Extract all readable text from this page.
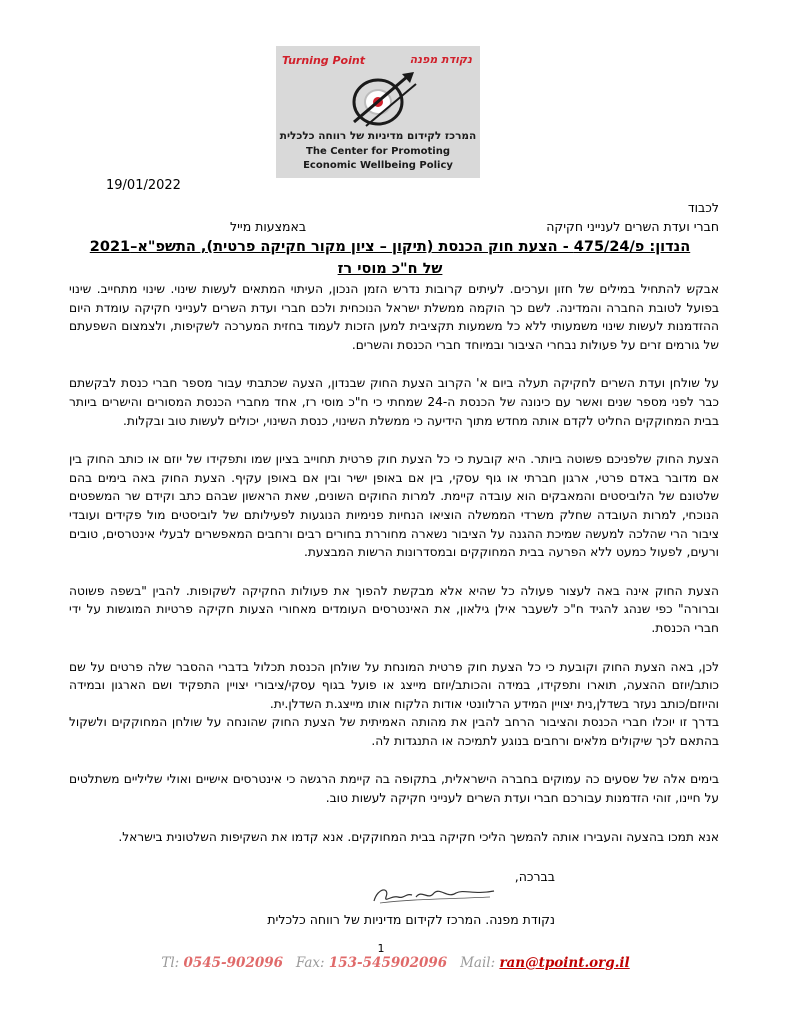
Turning Point	נקודת מפנה
המרכז לקידום מדיניות של רווחה כלכלית
The Center for Promoting
Economic Wellbeing Policy
19/01/2022
לכבוד
חברי ועדת השרים לענייני חקיקה
באמצעות מייל
הנדון: פ/475/24 - הצעת חוק הכנסת (תיקון – ציון מקור חקיקה פרטית), התשפ"א–2021
של ח"כ מוסי רז

אבקש להתחיל במילים של חזון וערכים. לעיתים קרובות נדרש הזמן הנכון, העיתוי המתאים לעשות שינוי. שינוי מתחייב. שינוי בפועל לטובת החברה והמדינה. לשם כך הוקמה ממשלת ישראל הנוכחית ולכם חברי ועדת השרים לענייני חקיקה עומדת היום ההזדמנות לעשות שינוי משמעותי ללא כל משמעות תקציבית למען הזכות לעמוד בחזית המערכה לשקיפות, ולצמצום השפעתם של גורמים זרים על פעולות נבחרי הציבור ובמיוחד חברי הכנסת והשרים.

על שולחן ועדת השרים לחקיקה תעלה ביום א' הקרוב הצעת החוק שבנדון, הצעה שכתבתי עבור מספר חברי כנסת לבקשתם כבר לפני מספר שנים ואשר עם כינונה של הכנסת ה-24 שמחתי כי ח"כ מוסי רז, אחד מחברי הכנסת המסורים והישרים ביותר בבית המחוקקים החליט לקדם אותה מחדש מתוך הידיעה כי ממשלת השינוי, כנסת השינוי, יכולים לעשות טוב ובקלות.

הצעת החוק שלפניכם פשוטה ביותר. היא קובעת כי כל הצעת חוק פרטית תחוייב בציון שמו ותפקידו של יוזם או כותב החוק בין אם מדובר באדם פרטי, ארגון חברתי או גוף עסקי, בין אם באופן ישיר ובין אם באופן עקיף. הצעת החוק באה בימים בהם שלטונם של הלוביסטים והמאבקים הוא עובדה קיימת. למרות החוקים השונים, שאת הראשון שבהם כתב וקידם שר המשפטים הנוכחי, למרות העובדה שחלק משרדי הממשלה הוציאו הנחיות פנימיות הנוגעות לפעילותם של לוביסטים מול פקידים ועובדי ציבור הרי שהלכה למעשה שמיכת ההגנה על הציבור נשארה מחוררת בחורים רבים ורחבים המאפשרים לבעלי אינטרסים, טובים ורעים, לפעול כמעט ללא הפרעה בבית המחוקקים ובמסדרונות הרשות המבצעת.

הצעת החוק אינה באה לעצור פעולה כל שהיא אלא מבקשת להפוך את פעולות החקיקה לשקופות. להבין "בשפה פשוטה וברורה" כפי שנהג להגיד ח"כ לשעבר אילן גילאון, את האינטרסים העומדים מאחורי הצעות חקיקה פרטיות המוגשות על ידי חברי הכנסת.

לכן, באה הצעת החוק וקובעת כי כל הצעת חוק פרטית המונחת על שולחן הכנסת תכלול בדברי ההסבר שלה פרטים על שם כותב/יוזם ההצעה, תוארו ותפקידו, במידה והכותב/יוזם מייצג או פועל בגוף עסקי/ציבורי יצויין התפקיד ושם הארגון ובמידה והיוזם/כותב נעזר בשדלן,נית יצויין המידע הרלוונטי אודות הלקוח אותו מייצג.ת השדלן.ית.

בדרך זו יוכלו חברי הכנסת והציבור הרחב להבין את מהותה האמיתית של הצעת החוק שהונחה על שולחן המחוקקים ולשקול בהתאם לכך שיקולים מלאים ורחבים בנוגע לתמיכה או התנגדות לה.

בימים אלה של שסעים כה עמוקים בחברה הישראלית, בתקופה בה קיימת הרגשה כי אינטרסים אישיים ואולי שליליים משתלטים על חיינו, זוהי הזדמנות עבורכם חברי ועדת השרים לענייני חקיקה לעשות טוב.

אנא תמכו בהצעה והעבירו אותה להמשך הליכי חקיקה בבית המחוקקים. אנא קדמו את השקיפות השלטונית בישראל.

בברכה,
נקודת מפנה. המרכז לקידום מדיניות של רווחה כלכלית
1
Tl: 0545-902096 Fax: 153-545902096 Mail: ran@tpoint.org.il
